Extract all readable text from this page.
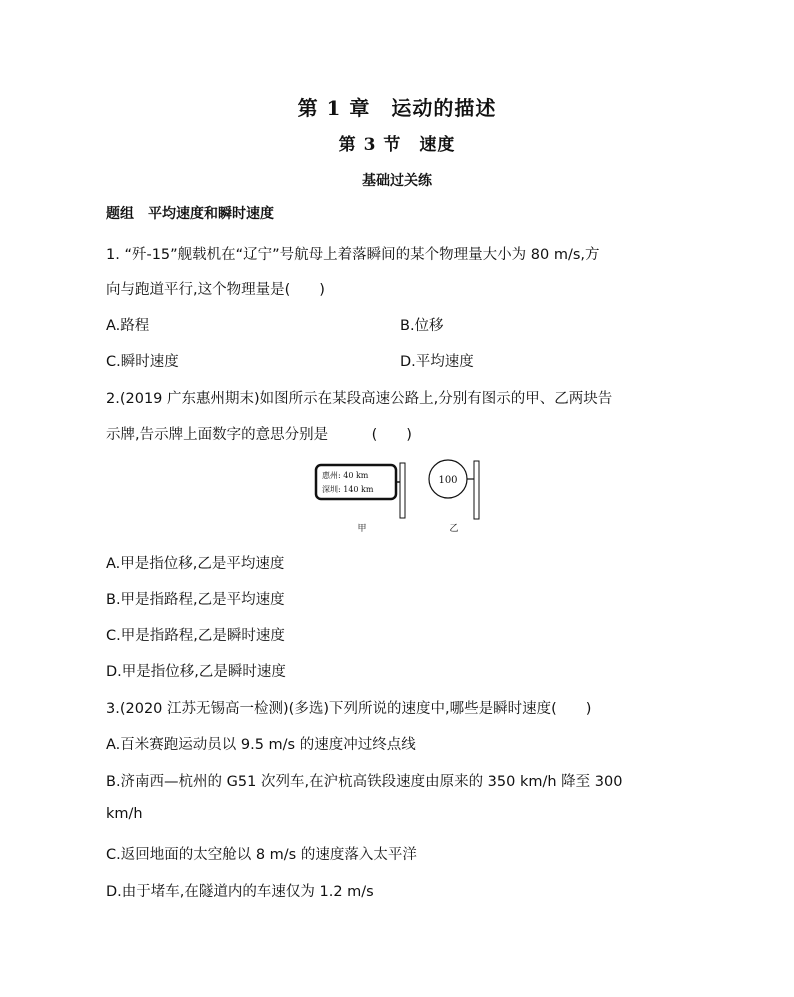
第 1 章　运动的描述
第 3 节　速度
基础过关练
题组　平均速度和瞬时速度
1. “歼-15”舰载机在“辽宁”号航母上着落瞬间的某个物理量大小为 80 m/s,方
向与跑道平行,这个物理量是(　　)
A.路程	B.位移
C.瞬时速度	D.平均速度
2.(2019 广东惠州期末)如图所示在某段高速公路上,分别有图示的甲、乙两块告
示牌,告示牌上面数字的意思分别是　　　(　　)
惠州: 40 km
深圳: 140 km
100
甲	乙
A.甲是指位移,乙是平均速度
B.甲是指路程,乙是平均速度
C.甲是指路程,乙是瞬时速度
D.甲是指位移,乙是瞬时速度
3.(2020 江苏无锡高一检测)(多选)下列所说的速度中,哪些是瞬时速度(　　)
A.百米赛跑运动员以 9.5 m/s 的速度冲过终点线
B.济南西—杭州的 G51 次列车,在沪杭高铁段速度由原来的 350 km/h 降至 300
km/h
C.返回地面的太空舱以 8 m/s 的速度落入太平洋
D.由于堵车,在隧道内的车速仅为 1.2 m/s
